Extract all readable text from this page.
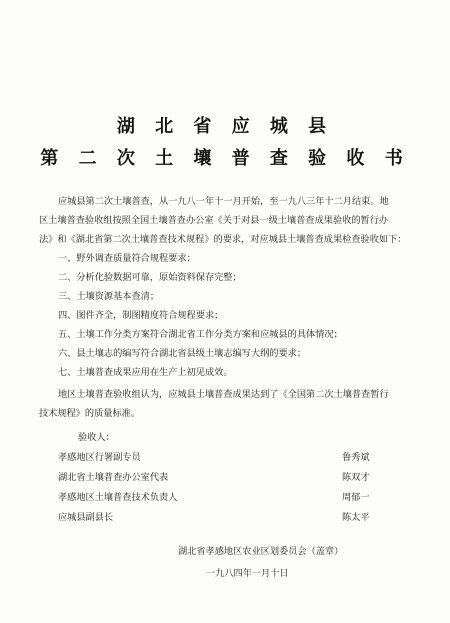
湖 北 省 应 城 县
第 二 次 土 壤 普 查 验 收 书
应城县第二次土壤普查，从一九八一年十一月开始，至一九八三年十二月结束。地
区土壤普查验收组按照全国土壤普查办公室《关于对县一级土壤普查成果验收的暂行办
法》和《湖北省第二次土壤普查技术规程》的要求，对应城县土壤普查成果检查验收如下：
一、野外调查质量符合规程要求；
二、分析化验数据可靠，原始资料保存完整；
三、土壤资源基本查清；
四、图件齐全，制图精度符合规程要求；
五、土壤工作分类方案符合湖北省工作分类方案和应城县的具体情况；
六、县土壤志的编写符合湖北省县级土壤志编写大纲的要求；
七、土壤普查成果应用在生产上初见成效。
地区土壤普查验收组认为，应城县土壤普查成果达到了《全国第二次土壤普查暂行
技术规程》的质量标准。
验收人：
孝感地区行署副专员	鲁秀斌
湖北省土壤普查办公室代表	陈双才
孝感地区土壤普查技术负责人	周郁一
应城县副县长	陈太平
湖北省孝感地区农业区划委员会（盖章）
一九八四年一月十日
